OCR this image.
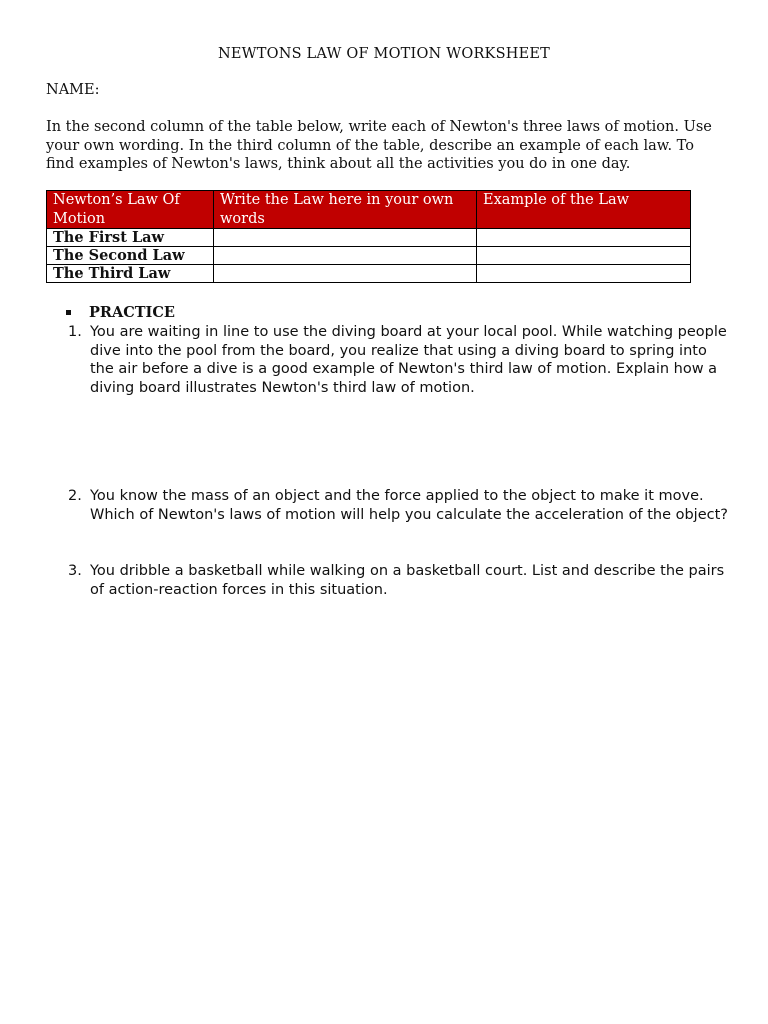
NEWTONS LAW OF MOTION WORKSHEET
NAME:
In the second column of the table below, write each of Newton's three laws of motion. Use your own wording. In the third column of the table, describe an example of each law. To find examples of Newton's laws, think about all the activities you do in one day.
Newton’s Law Of Motion	Write the Law here in your own words	Example of the Law
The First Law		
The Second Law		
The Third Law		
PRACTICE
1. You are waiting in line to use the diving board at your local pool. While watching people dive into the pool from the board, you realize that using a diving board to spring into the air before a dive is a good example of Newton's third law of motion. Explain how a diving board illustrates Newton's third law of motion.
2. You know the mass of an object and the force applied to the object to make it move. Which of Newton's laws of motion will help you calculate the acceleration of the object?
3. You dribble a basketball while walking on a basketball court. List and describe the pairs of action-reaction forces in this situation.
